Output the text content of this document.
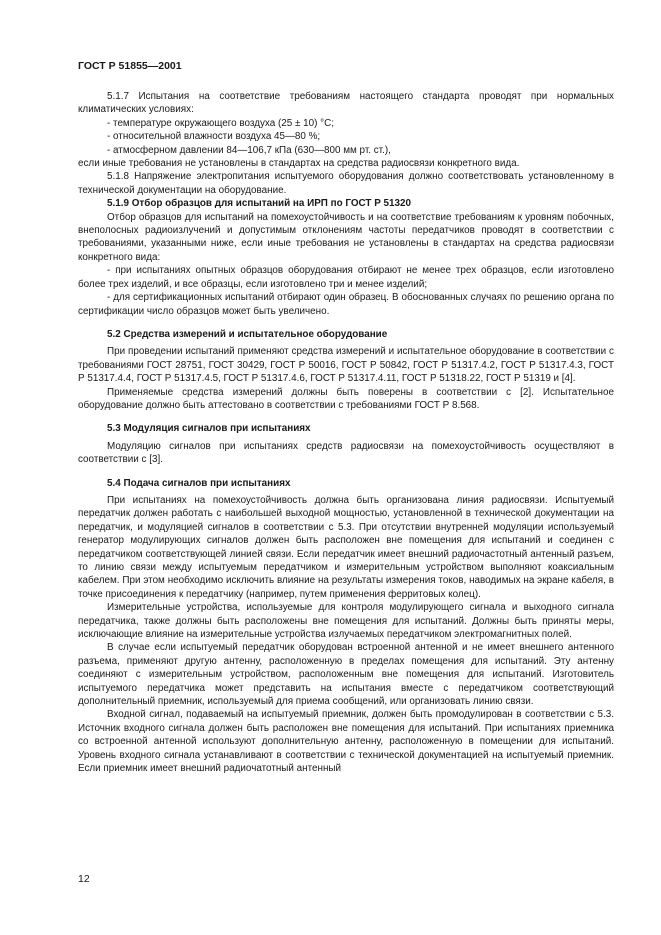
ГОСТ Р 51855—2001

5.1.7 Испытания на соответствие требованиям настоящего стандарта проводят при нормальных климатических условиях:

- температуре окружающего воздуха (25 ± 10) °С;

- относительной влажности воздуха 45—80 %;

- атмосферном давлении 84—106,7 кПа (630—800 мм рт. ст.),

если иные требования не установлены в стандартах на средства радиосвязи конкретного вида.

5.1.8 Напряжение электропитания испытуемого оборудования должно соответствовать установленному в технической документации на оборудование.

5.1.9 Отбор образцов для испытаний на ИРП по ГОСТ Р 51320

Отбор образцов для испытаний на помехоустойчивость и на соответствие требованиям к уровням побочных, внеполосных радиоизлучений и допустимым отклонениям частоты передатчиков проводят в соответствии с требованиями, указанными ниже, если иные требования не установлены в стандартах на средства радиосвязи конкретного вида:

- при испытаниях опытных образцов оборудования отбирают не менее трех образцов, если изготовлено более трех изделий, и все образцы, если изготовлено три и менее изделий;

- для сертификационных испытаний отбирают один образец. В обоснованных случаях по решению органа по сертификации число образцов может быть увеличено.

5.2 Средства измерений и испытательное оборудование

При проведении испытаний применяют средства измерений и испытательное оборудование в соответствии с требованиями ГОСТ 28751, ГОСТ 30429, ГОСТ Р 50016, ГОСТ Р 50842, ГОСТ Р 51317.4.2, ГОСТ Р 51317.4.3, ГОСТ Р 51317.4.4, ГОСТ Р 51317.4.5, ГОСТ Р 51317.4.6, ГОСТ Р 51317.4.11, ГОСТ Р 51318.22, ГОСТ Р 51319 и [4].

Применяемые средства измерений должны быть поверены в соответствии с [2]. Испытательное оборудование должно быть аттестовано в соответствии с требованиями ГОСТ Р 8.568.

5.3 Модуляция сигналов при испытаниях

Модуляцию сигналов при испытаниях средств радиосвязи на помехоустойчивость осуществляют в соответствии с [3].

5.4 Подача сигналов при испытаниях

При испытаниях на помехоустойчивость должна быть организована линия радиосвязи. Испытуемый передатчик должен работать с наибольшей выходной мощностью, установленной в технической документации на передатчик, и модуляцией сигналов в соответствии с 5.3. При отсутствии внутренней модуляции используемый генератор модулирующих сигналов должен быть расположен вне помещения для испытаний и соединен с передатчиком соответствующей линией связи. Если передатчик имеет внешний радиочастотный антенный разъем, то линию связи между испытуемым передатчиком и измерительным устройством выполняют коаксиальным кабелем. При этом необходимо исключить влияние на результаты измерения токов, наводимых на экране кабеля, в точке присоединения к передатчику (например, путем применения ферритовых колец).

Измерительные устройства, используемые для контроля модулирующего сигнала и выходного сигнала передатчика, также должны быть расположены вне помещения для испытаний. Должны быть приняты меры, исключающие влияние на измерительные устройства излучаемых передатчиком электромагнитных полей.

В случае если испытуемый передатчик оборудован встроенной антенной и не имеет внешнего антенного разъема, применяют другую антенну, расположенную в пределах помещения для испытаний. Эту антенну соединяют с измерительным устройством, расположенным вне помещения для испытаний. Изготовитель испытуемого передатчика может представить на испытания вместе с передатчиком соответствующий дополнительный приемник, используемый для приема сообщений, или организовать линию связи.

Входной сигнал, подаваемый на испытуемый приемник, должен быть промодулирован в соответствии с 5.3. Источник входного сигнала должен быть расположен вне помещения для испытаний. При испытаниях приемника со встроенной антенной используют дополнительную антенну, расположенную в помещении для испытаний. Уровень входного сигнала устанавливают в соответствии с технической документацией на испытуемый приемник. Если приемник имеет внешний радиочатотный антенный

12
